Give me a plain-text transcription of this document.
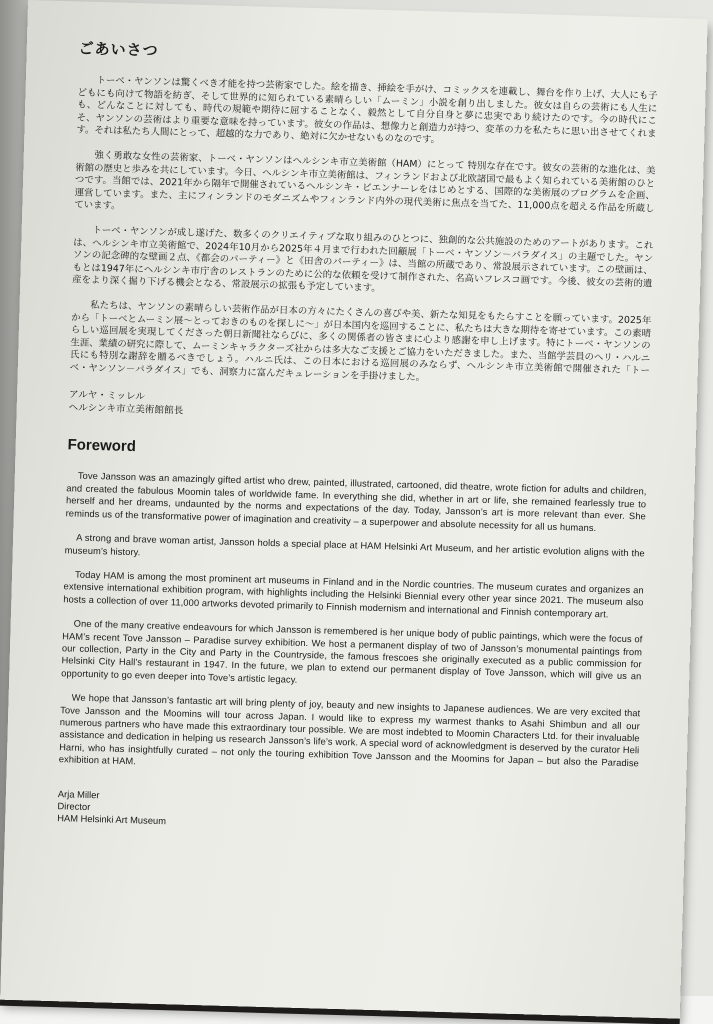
ごあいさつ

トーベ・ヤンソンは驚くべき才能を持つ芸術家でした。絵を描き、挿絵を手がけ、コミックスを連載し、舞台を作り上げ、大人にも子どもにも向けて物語を紡ぎ、そして世界的に知られている素晴らしい「ムーミン」小説を創り出しました。彼女は自らの芸術にも人生にも、どんなことに対しても、時代の規範や期待に屈することなく、毅然として自分自身と夢に忠実であり続けたのです。今の時代にこそ、ヤンソンの芸術はより重要な意味を持っています。彼女の作品は、想像力と創造力が持つ、変革の力を私たちに思い出させてくれます。それは私たち人間にとって、超越的な力であり、絶対に欠かせないものなのです。

強く勇敢な女性の芸術家、トーベ・ヤンソンはヘルシンキ市立美術館（HAM）にとって 特別な存在です。彼女の芸術的な進化は、美術館の歴史と歩みを共にしています。今日、ヘルシンキ市立美術館は、フィンランドおよび北欧諸国で最もよく知られている美術館のひとつです。当館では、2021年から隔年で開催されているヘルシンキ・ビエンナーレをはじめとする、国際的な美術展のプログラムを企画、運営しています。また、主にフィンランドのモダニズムやフィンランド内外の現代美術に焦点を当てた、11,000点を超える作品を所蔵しています。

トーベ・ヤンソンが成し遂げた、数多くのクリエイティブな取り組みのひとつに、独創的な公共施設のためのアートがあります。これは、ヘルシンキ市立美術館で、2024年10月から2025年４月まで行われた回顧展「トーベ・ヤンソン－パラダイス」の主題でした。ヤンソンの記念碑的な壁画２点、《都会のパーティー》と《田舎のパーティー》は、当館の所蔵であり、常設展示されています。この壁画は、もとは1947年にヘルシンキ市庁舎のレストランのために公的な依頼を受けて制作された、名高いフレスコ画です。今後、彼女の芸術的遺産をより深く掘り下げる機会となる、常設展示の拡張も予定しています。

私たちは、ヤンソンの素晴らしい芸術作品が日本の方々にたくさんの喜びや美、新たな知見をもたらすことを願っています。2025年から「トーベとムーミン展～とっておきのものを探しに～」が日本国内を巡回することに、私たちは大きな期待を寄せています。この素晴らしい巡回展を実現してくださった朝日新聞社ならびに、多くの関係者の皆さまに心より感謝を申し上げます。特にトーベ・ヤンソンの生涯、業績の研究に際して、ムーミンキャラクターズ社からは多大なご支援とご協力をいただきました。また、当館学芸員のヘリ・ハルニ氏にも特別な謝辞を贈るべきでしょう。ハルニ氏は、この日本における巡回展のみならず、ヘルシンキ市立美術館で開催された「トーベ・ヤンソン－パラダイス」でも、洞察力に富んだキュレーションを手掛けました。

アルヤ・ミッレル
ヘルシンキ市立美術館館長
Foreword

Tove Jansson was an amazingly gifted artist who drew, painted, illustrated, cartooned, did theatre, wrote fiction for adults and children, and created the fabulous Moomin tales of worldwide fame. In everything she did, whether in art or life, she remained fearlessly true to herself and her dreams, undaunted by the norms and expectations of the day. Today, Jansson’s art is more relevant than ever. She reminds us of the transformative power of imagination and creativity – a superpower and absolute necessity for all us humans.

A strong and brave woman artist, Jansson holds a special place at HAM Helsinki Art Museum, and her artistic evolution aligns with the museum’s history.

Today HAM is among the most prominent art museums in Finland and in the Nordic countries. The museum curates and organizes an extensive international exhibition program, with highlights including the Helsinki Biennial every other year since 2021. The museum also hosts a collection of over 11,000 artworks devoted primarily to Finnish modernism and international and Finnish contemporary art.

One of the many creative endeavours for which Jansson is remembered is her unique body of public paintings, which were the focus of HAM’s recent Tove Jansson – Paradise survey exhibition. We host a permanent display of two of Jansson’s monumental paintings from our collection, Party in the City and Party in the Countryside, the famous frescoes she originally executed as a public commission for Helsinki City Hall’s restaurant in 1947. In the future, we plan to extend our permanent display of Tove Jansson, which will give us an opportunity to go even deeper into Tove’s artistic legacy.

We hope that Jansson’s fantastic art will bring plenty of joy, beauty and new insights to Japanese audiences. We are very excited that Tove Jansson and the Moomins will tour across Japan. I would like to express my warmest thanks to Asahi Shimbun and all our numerous partners who have made this extraordinary tour possible. We are most indebted to Moomin Characters Ltd. for their invaluable assistance and dedication in helping us research Jansson’s life’s work. A special word of acknowledgment is deserved by the curator Heli Harni, who has insightfully curated – not only the touring exhibition Tove Jansson and the Moomins for Japan – but also the Paradise exhibition at HAM.

Arja Miller
Director
HAM Helsinki Art Museum
